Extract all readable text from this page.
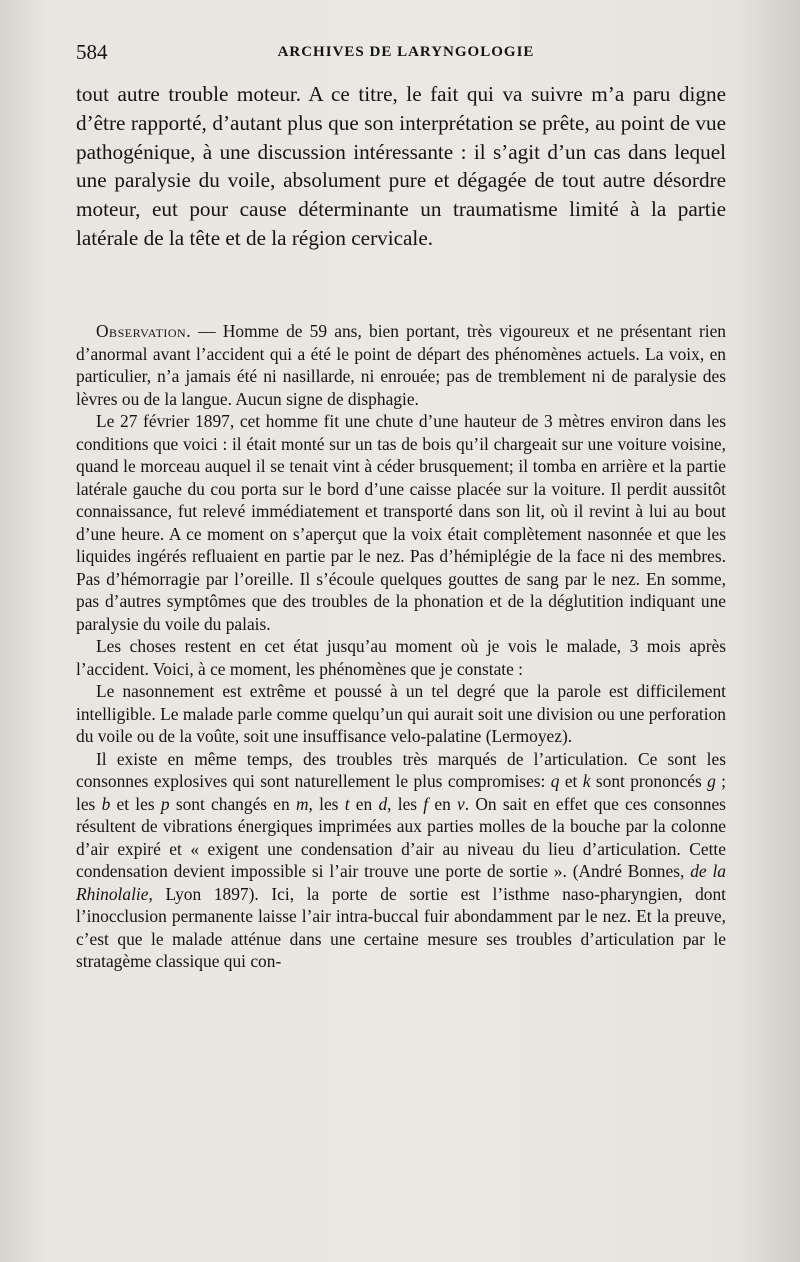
584	ARCHIVES DE LARYNGOLOGIE

tout autre trouble moteur. A ce titre, le fait qui va suivre m’a paru digne d’être rapporté, d’autant plus que son interprétation se prête, au point de vue pathogénique, à une discussion intéressante : il s’agit d’un cas dans lequel une paralysie du voile, absolument pure et dégagée de tout autre désordre moteur, eut pour cause déterminante un traumatisme limité à la partie latérale de la tête et de la région cervicale.

Observation. — Homme de 59 ans, bien portant, très vigoureux et ne présentant rien d’anormal avant l’accident qui a été le point de départ des phénomènes actuels. La voix, en particulier, n’a jamais été ni nasillarde, ni enrouée; pas de tremblement ni de paralysie des lèvres ou de la langue. Aucun signe de disphagie.

Le 27 février 1897, cet homme fit une chute d’une hauteur de 3 mètres environ dans les conditions que voici : il était monté sur un tas de bois qu’il chargeait sur une voiture voisine, quand le morceau auquel il se tenait vint à céder brusquement; il tomba en arrière et la partie latérale gauche du cou porta sur le bord d’une caisse placée sur la voiture. Il perdit aussitôt connaissance, fut relevé immédiatement et transporté dans son lit, où il revint à lui au bout d’une heure. A ce moment on s’aperçut que la voix était complètement nasonnée et que les liquides ingérés refluaient en partie par le nez. Pas d’hémiplégie de la face ni des membres. Pas d’hémorragie par l’oreille. Il s’écoule quelques gouttes de sang par le nez. En somme, pas d’autres symptômes que des troubles de la phonation et de la déglutition indiquant une paralysie du voile du palais.

Les choses restent en cet état jusqu’au moment où je vois le malade, 3 mois après l’accident. Voici, à ce moment, les phénomènes que je constate :

Le nasonnement est extrême et poussé à un tel degré que la parole est difficilement intelligible. Le malade parle comme quelqu’un qui aurait soit une division ou une perforation du voile ou de la voûte, soit une insuffisance velo-palatine (Lermoyez).

Il existe en même temps, des troubles très marqués de l’articulation. Ce sont les consonnes explosives qui sont naturellement le plus compromises: q et k sont prononcés g ; les b et les p sont changés en m, les t en d, les f en v. On sait en effet que ces consonnes résultent de vibrations énergiques imprimées aux parties molles de la bouche par la colonne d’air expiré et « exigent une condensation d’air au niveau du lieu d’articulation. Cette condensation devient impossible si l’air trouve une porte de sortie ». (André Bonnes, de la Rhinolalie, Lyon 1897). Ici, la porte de sortie est l’isthme naso-pharyngien, dont l’inocclusion permanente laisse l’air intra-buccal fuir abondamment par le nez. Et la preuve, c’est que le malade atténue dans une certaine mesure ses troubles d’articulation par le stratagème classique qui con-
